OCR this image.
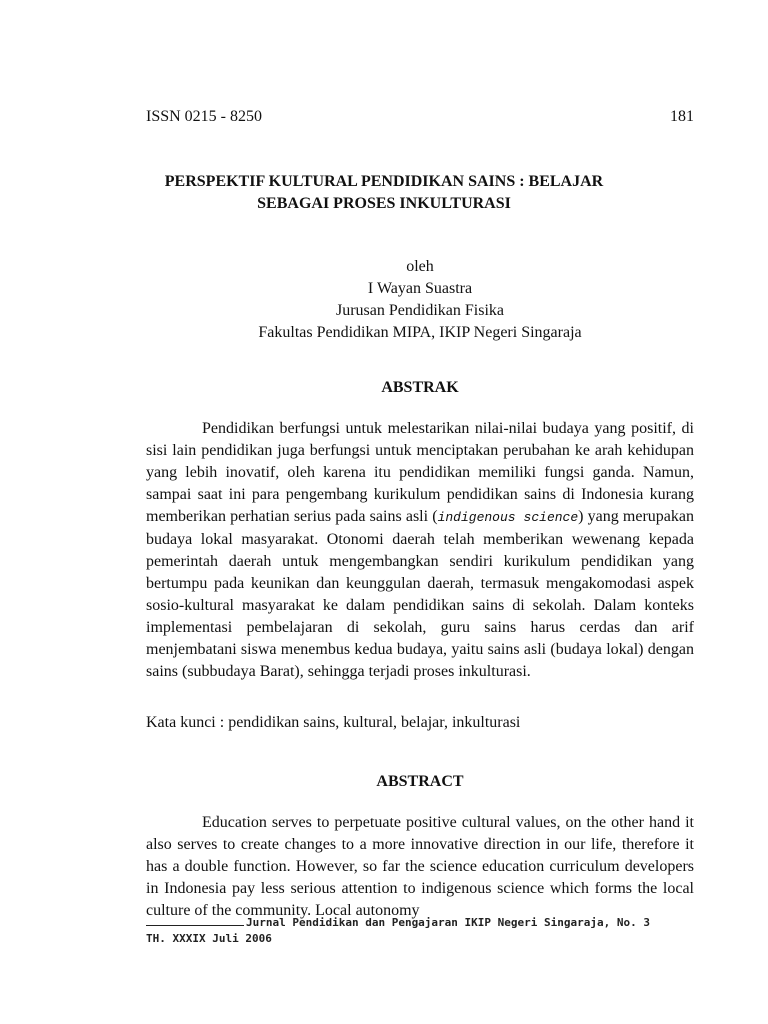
ISSN 0215 - 8250	181
PERSPEKTIF KULTURAL PENDIDIKAN SAINS : BELAJAR
SEBAGAI PROSES INKULTURASI
oleh
I Wayan Suastra
Jurusan Pendidikan Fisika
Fakultas Pendidikan MIPA, IKIP Negeri Singaraja
ABSTRAK
Pendidikan berfungsi untuk melestarikan nilai-nilai budaya yang positif, di sisi lain pendidikan juga berfungsi untuk menciptakan perubahan ke arah kehidupan yang lebih inovatif, oleh karena itu pendidikan memiliki fungsi ganda. Namun, sampai saat ini para pengembang kurikulum pendidikan sains di Indonesia kurang memberikan perhatian serius pada sains asli (indigenous science) yang merupakan budaya lokal masyarakat. Otonomi daerah telah memberikan wewenang kepada pemerintah daerah untuk mengembangkan sendiri kurikulum pendidikan yang bertumpu pada keunikan dan keunggulan daerah, termasuk mengakomodasi aspek sosio-kultural masyarakat ke dalam pendidikan sains di sekolah. Dalam konteks implementasi pembelajaran di sekolah, guru sains harus cerdas dan arif menjembatani siswa menembus kedua budaya, yaitu sains asli (budaya lokal) dengan sains (subbudaya Barat), sehingga terjadi proses inkulturasi.
Kata kunci : pendidikan sains, kultural, belajar, inkulturasi
ABSTRACT
Education serves to perpetuate positive cultural values, on the other hand it also serves to create changes to a more innovative direction in our life, therefore it has a double function. However, so far the science education curriculum developers in Indonesia pay less serious attention to indigenous science which forms the local culture of the community. Local autonomy
Jurnal Pendidikan dan Pengajaran IKIP Negeri Singaraja, No. 3
TH. XXXIX Juli 2006
